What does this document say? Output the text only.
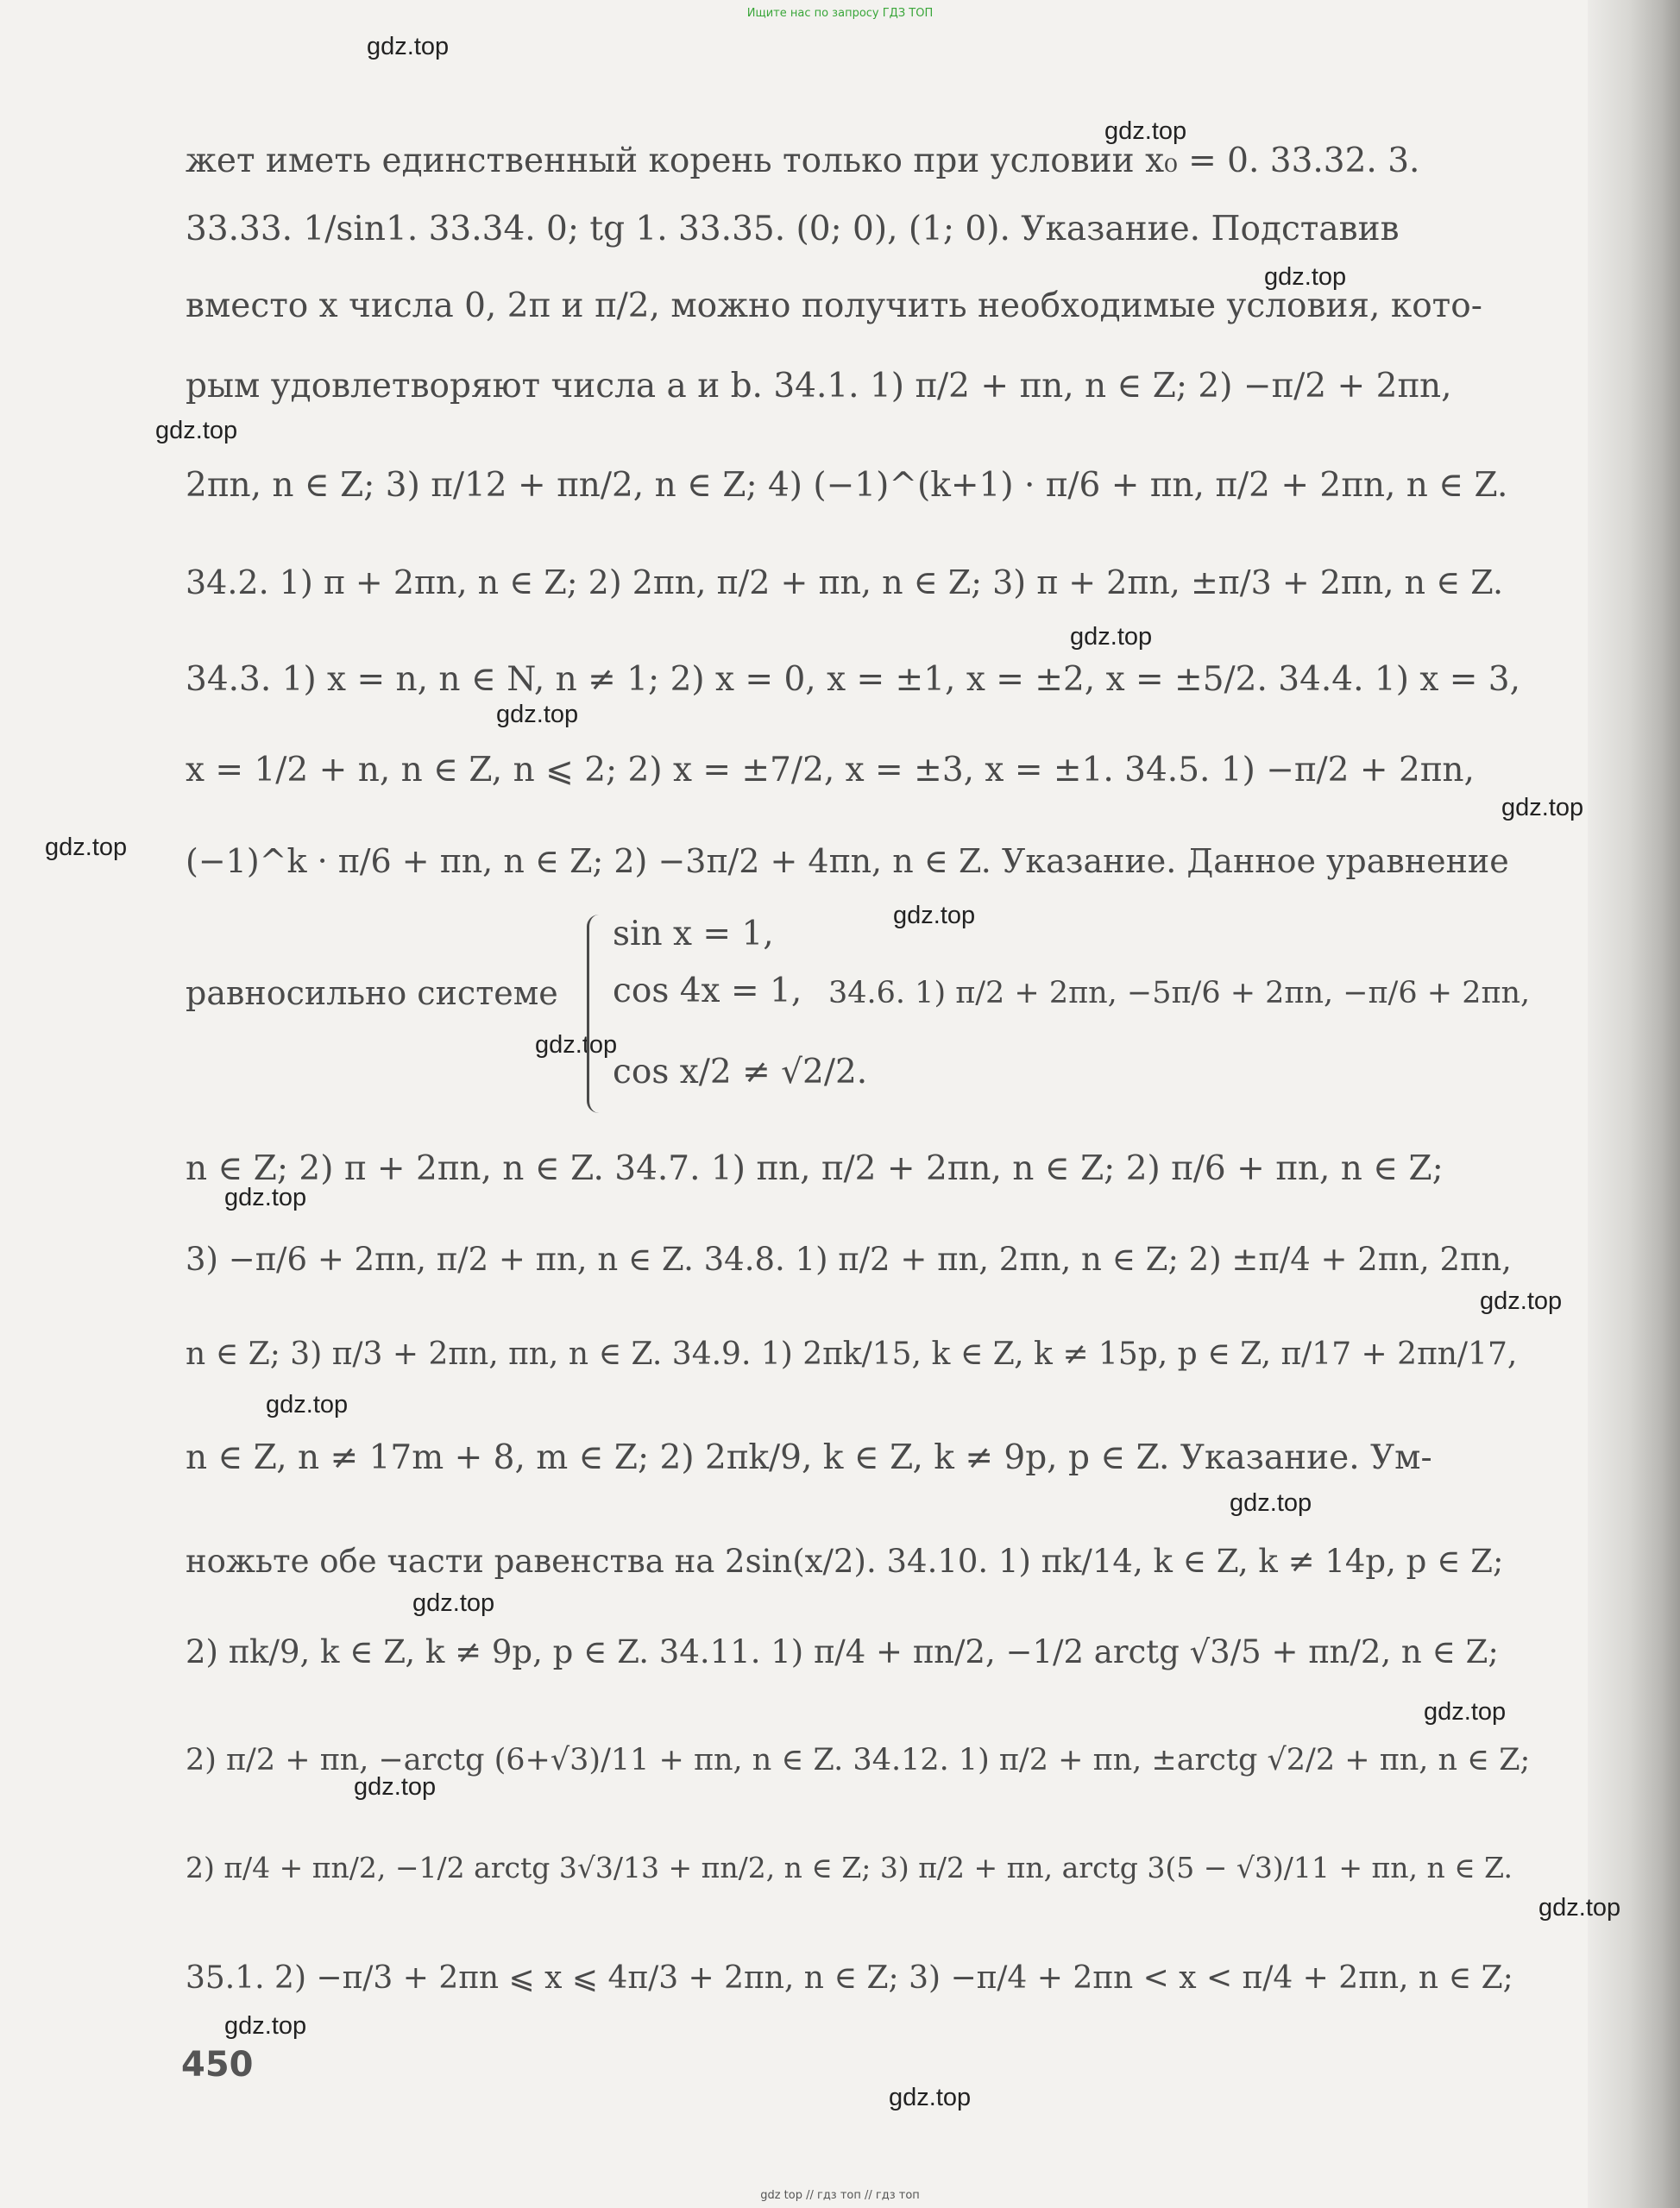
Ищите нас по запросу ГДЗ ТОП
gdz.top
gdz.top
gdz.top
gdz.top
gdz.top
gdz.top
gdz.top
gdz.top
gdz.top
gdz.top
gdz.top
gdz.top
gdz.top
gdz.top
gdz.top
gdz.top
gdz.top
gdz.top
gdz.top
gdz.top
жет иметь единственный корень только при условии x₀ = 0. 33.32. 3.
33.33. 1/sin1. 33.34. 0; tg 1. 33.35. (0; 0), (1; 0). Указание. Подставив
вместо x числа 0, 2π и π/2, можно получить необходимые условия, кото-
рым удовлетворяют числа a и b. 34.1. 1) π/2 + πn, n ∈ Z; 2) −π/2 + 2πn,
2πn, n ∈ Z; 3) π/12 + πn/2, n ∈ Z; 4) (−1)^(k+1) · π/6 + πn, π/2 + 2πn, n ∈ Z.
34.2. 1) π + 2πn, n ∈ Z; 2) 2πn, π/2 + πn, n ∈ Z; 3) π + 2πn, ±π/3 + 2πn, n ∈ Z.
34.3. 1) x = n, n ∈ N, n ≠ 1; 2) x = 0, x = ±1, x = ±2, x = ±5/2. 34.4. 1) x = 3,
x = 1/2 + n, n ∈ Z, n ⩽ 2; 2) x = ±7/2, x = ±3, x = ±1. 34.5. 1) −π/2 + 2πn,
(−1)^k · π/6 + πn, n ∈ Z; 2) −3π/2 + 4πn, n ∈ Z. Указание. Данное уравнение
равносильно системе
sin x = 1,
cos 4x = 1,
cos x/2 ≠ √2/2.
34.6. 1) π/2 + 2πn, −5π/6 + 2πn, −π/6 + 2πn,
n ∈ Z; 2) π + 2πn, n ∈ Z. 34.7. 1) πn, π/2 + 2πn, n ∈ Z; 2) π/6 + πn, n ∈ Z;
3) −π/6 + 2πn, π/2 + πn, n ∈ Z. 34.8. 1) π/2 + πn, 2πn, n ∈ Z; 2) ±π/4 + 2πn, 2πn,
n ∈ Z; 3) π/3 + 2πn, πn, n ∈ Z. 34.9. 1) 2πk/15, k ∈ Z, k ≠ 15p, p ∈ Z, π/17 + 2πn/17,
n ∈ Z, n ≠ 17m + 8, m ∈ Z; 2) 2πk/9, k ∈ Z, k ≠ 9p, p ∈ Z. Указание. Ум-
ножьте обе части равенства на 2sin(x/2). 34.10. 1) πk/14, k ∈ Z, k ≠ 14p, p ∈ Z;
2) πk/9, k ∈ Z, k ≠ 9p, p ∈ Z. 34.11. 1) π/4 + πn/2, −1/2 arctg √3/5 + πn/2, n ∈ Z;
2) π/2 + πn, −arctg (6+√3)/11 + πn, n ∈ Z. 34.12. 1) π/2 + πn, ±arctg √2/2 + πn, n ∈ Z;
2) π/4 + πn/2, −1/2 arctg 3√3/13 + πn/2, n ∈ Z; 3) π/2 + πn, arctg 3(5 − √3)/11 + πn, n ∈ Z.
35.1. 2) −π/3 + 2πn ⩽ x ⩽ 4π/3 + 2πn, n ∈ Z; 3) −π/4 + 2πn < x < π/4 + 2πn, n ∈ Z;
450
gdz top // гдз топ // гдз топ
